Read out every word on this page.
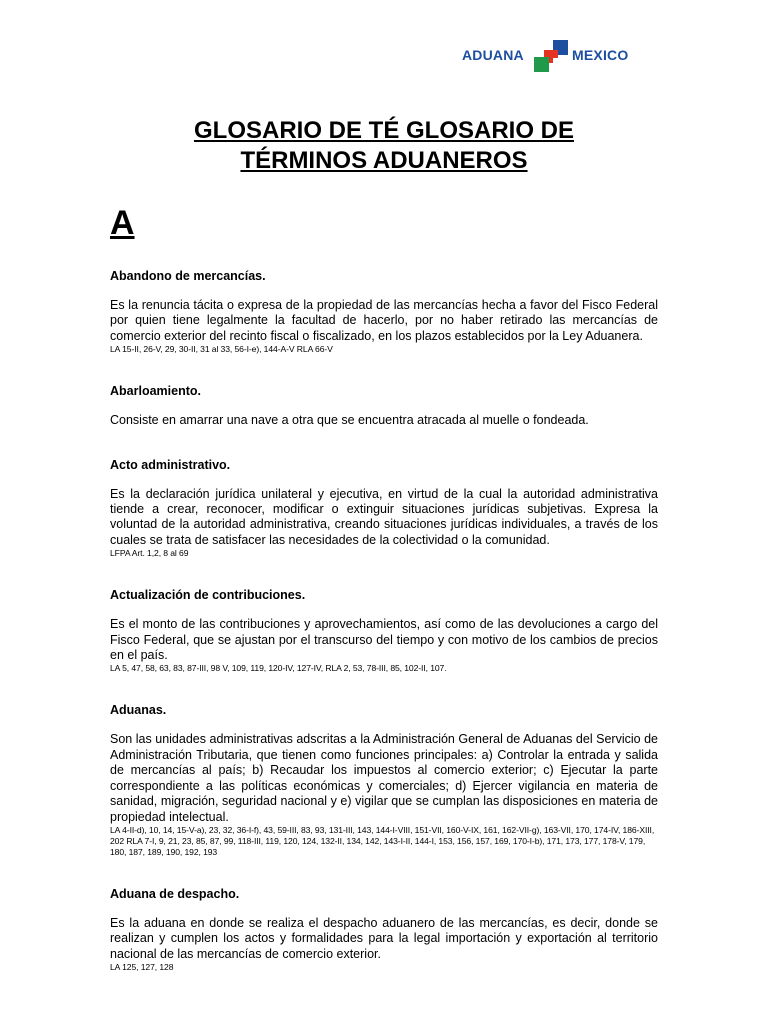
ADUANA	MEXICO
GLOSARIO DE TÉ GLOSARIO DE
TÉRMINOS ADUANEROS
A
Abandono de mercancías.
Es la renuncia tácita o expresa de la propiedad de las mercancías hecha a favor del Fisco Federal por quien tiene legalmente la facultad de hacerlo, por no haber retirado las mercancías de comercio exterior del recinto fiscal o fiscalizado, en los plazos establecidos por la Ley Aduanera.
LA 15-II, 26-V, 29, 30-II, 31 al 33, 56-I-e), 144-A-V RLA 66-V
Abarloamiento.
Consiste en amarrar una nave a otra que se encuentra atracada al muelle o fondeada.
Acto administrativo.
Es la declaración jurídica unilateral y ejecutiva, en virtud de la cual la autoridad administrativa tiende a crear, reconocer, modificar o extinguir situaciones jurídicas subjetivas. Expresa la voluntad de la autoridad administrativa, creando situaciones jurídicas individuales, a través de los cuales se trata de satisfacer las necesidades de la colectividad o la comunidad.
LFPA Art. 1,2, 8 al 69
Actualización de contribuciones.
Es el monto de las contribuciones y aprovechamientos, así como de las devoluciones a cargo del Fisco Federal, que se ajustan por el transcurso del tiempo y con motivo de los cambios de precios en el país.
LA 5, 47, 58, 63, 83, 87-III, 98 V, 109, 119, 120-IV, 127-IV, RLA 2, 53, 78-III, 85, 102-II, 107.
Aduanas.
Son las unidades administrativas adscritas a la Administración General de Aduanas del Servicio de Administración Tributaria, que tienen como funciones principales: a) Controlar la entrada y salida de mercancías al país; b) Recaudar los impuestos al comercio exterior; c) Ejecutar la parte correspondiente a las políticas económicas y comerciales; d) Ejercer vigilancia en materia de sanidad, migración, seguridad nacional y e) vigilar que se cumplan las disposiciones en materia de propiedad intelectual.
LA 4-II-d), 10, 14, 15-V-a), 23, 32, 36-I-f), 43, 59-III, 83, 93, 131-III, 143, 144-I-VIII, 151-VII, 160-V-IX, 161, 162-VII-g), 163-VII, 170, 174-IV, 186-XIII, 202 RLA 7-I, 9, 21, 23, 85, 87, 99, 118-III, 119, 120, 124, 132-II, 134, 142, 143-I-II, 144-I, 153, 156, 157, 169, 170-I-b), 171, 173, 177, 178-V, 179, 180, 187, 189, 190, 192, 193
Aduana de despacho.
Es la aduana en donde se realiza el despacho aduanero de las mercancías, es decir, donde se realizan y cumplen los actos y formalidades para la legal importación y exportación al territorio nacional de las mercancías de comercio exterior.
LA 125, 127, 128
